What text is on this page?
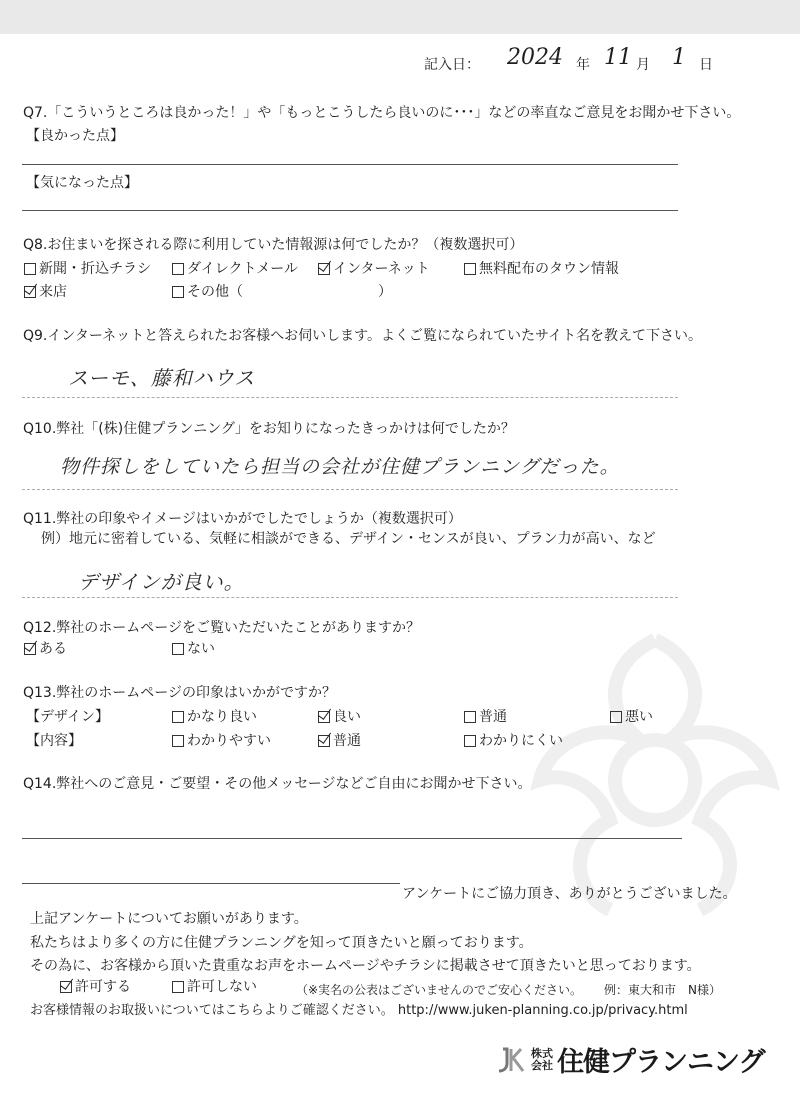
記入日： 2024 年 11 月 1 日
Q7.「こういうところは良かった！」や「もっとこうしたら良いのに･･･」などの率直なご意見をお聞かせ下さい。
【良かった点】
【気になった点】
Q8.お住まいを探される際に利用していた情報源は何でしたか？（複数選択可）
新聞・折込チラシ	ダイレクトメール インターネット	無料配布のタウン情報
来店	その他（	）
Q9.インターネットと答えられたお客様へお伺いします。よくご覧になられていたサイト名を教えて下さい。
スーモ、藤和ハウス
Q10.弊社「(株)住健プランニング」をお知りになったきっかけは何でしたか？
物件探しをしていたら担当の会社が住健プランニングだった。
Q11.弊社の印象やイメージはいかがでしたでしょうか（複数選択可）
例）地元に密着している、気軽に相談ができる、デザイン・センスが良い、プラン力が高い、など
デザインが良い。
Q12.弊社のホームページをご覧いただいたことがありますか？
ある	ない
Q13.弊社のホームページの印象はいかがですか？
【デザイン】	かなり良い	良い	普通	悪い
【内容】	わかりやすい	普通	わかりにくい
Q14.弊社へのご意見・ご要望・その他メッセージなどご自由にお聞かせ下さい。
アンケートにご協力頂き、ありがとうございました。
上記アンケートについてお願いがあります。
私たちはより多くの方に住健プランニングを知って頂きたいと願っております。
その為に、お客様から頂いた貴重なお声をホームページやチラシに掲載させて頂きたいと思っております。
許可する	許可しない	（※実名の公表はございませんのでご安心ください。 例：東大和市　N様）
お客様情報のお取扱いについてはこちらよりご確認ください。 http://www.juken-planning.co.jp/privacy.html
株式
会社 住健プランニング
